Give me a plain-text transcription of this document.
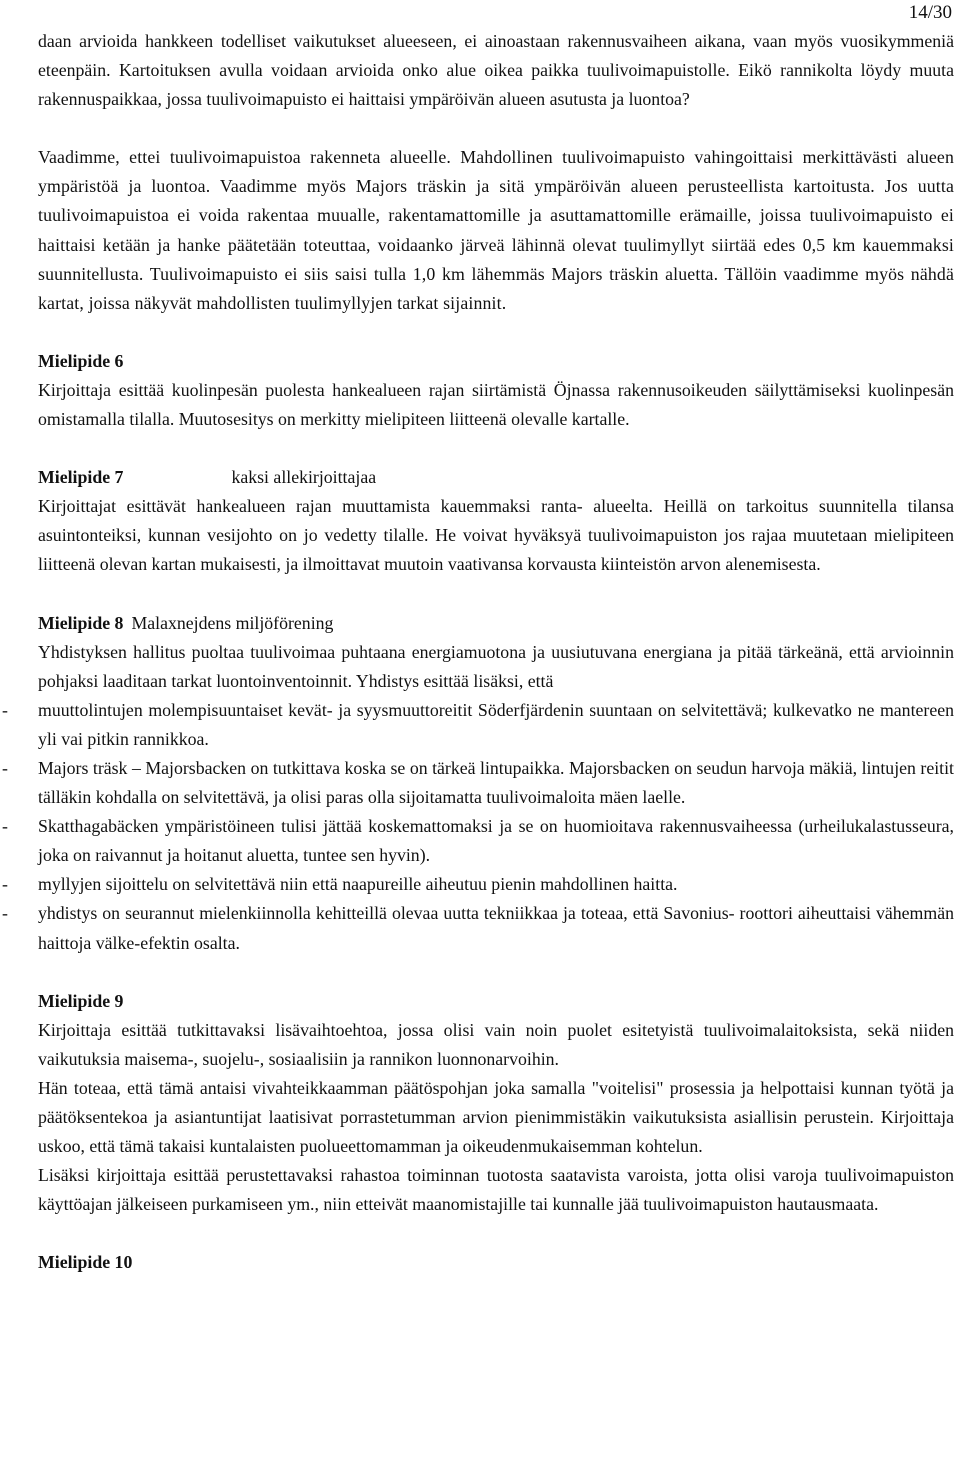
14/30

daan arvioida hankkeen todelliset vaikutukset alueeseen, ei ainoastaan rakennusvaiheen aikana, vaan myös vuosikymmeniä eteenpäin. Kartoituksen avulla voidaan arvioida onko alue oikea paikka tuulivoimapuistolle. Eikö rannikolta löydy muuta rakennuspaikkaa, jossa tuulivoimapuisto ei haittaisi ympäröivän alueen asutusta ja luontoa?

Vaadimme, ettei tuulivoimapuistoa rakenneta alueelle. Mahdollinen tuulivoimapuisto vahingoittaisi merkittävästi alueen ympäristöä ja luontoa. Vaadimme myös Majors träskin ja sitä ympäröivän alueen perusteellista kartoitusta. Jos uutta tuulivoimapuistoa ei voida rakentaa muualle, rakentamattomille ja asuttamattomille erämaille, joissa tuulivoimapuisto ei haittaisi ketään ja hanke päätetään toteuttaa, voidaanko järveä lähinnä olevat tuulimyllyt siirtää edes 0,5 km kauemmaksi suunnitellusta. Tuulivoimapuisto ei siis saisi tulla 1,0 km lähemmäs Majors träskin aluetta. Tällöin vaadimme myös nähdä kartat, joissa näkyvät mahdollisten tuulimyllyjen tarkat sijainnit.

Mielipide 6

Kirjoittaja esittää kuolinpesän puolesta hankealueen rajan siirtämistä Öjnassa rakennusoikeuden säilyttämiseksi kuolinpesän omistamalla tilalla. Muutosesitys on merkitty mielipiteen liitteenä olevalle kartalle.

Mielipide 7	kaksi allekirjoittajaa

Kirjoittajat esittävät hankealueen rajan muuttamista kauemmaksi ranta- alueelta. Heillä on tarkoitus suunnitella tilansa asuintonteiksi, kunnan vesijohto on jo vedetty tilalle. He voivat hyväksyä tuulivoimapuiston jos rajaa muutetaan mielipiteen liitteenä olevan kartan mukaisesti, ja ilmoittavat muutoin vaativansa korvausta kiinteistön arvon alenemisesta.

Mielipide 8 Malaxnejdens miljöförening

Yhdistyksen hallitus puoltaa tuulivoimaa puhtaana energiamuotona ja uusiutuvana energiana ja pitää tärkeänä, että arvioinnin pohjaksi laaditaan tarkat luontoinventoinnit. Yhdistys esittää lisäksi, että

- muuttolintujen molempisuuntaiset kevät- ja syysmuuttoreitit Söderfjärdenin suuntaan on selvitettävä; kulkevatko ne mantereen yli vai pitkin rannikkoa.
- Majors träsk – Majorsbacken on tutkittava koska se on tärkeä lintupaikka. Majorsbacken on seudun harvoja mäkiä, lintujen reitit tälläkin kohdalla on selvitettävä, ja olisi paras olla sijoitamatta tuulivoimaloita mäen laelle.
- Skatthagabäcken ympäristöineen tulisi jättää koskemattomaksi ja se on huomioitava rakennusvaiheessa (urheilukalastusseura, joka on raivannut ja hoitanut aluetta, tuntee sen hyvin).
- myllyjen sijoittelu on selvitettävä niin että naapureille aiheutuu pienin mahdollinen haitta.
- yhdistys on seurannut mielenkiinnolla kehitteillä olevaa uutta tekniikkaa ja toteaa, että Savonius- roottori aiheuttaisi vähemmän haittoja välke-efektin osalta.

Mielipide 9

Kirjoittaja esittää tutkittavaksi lisävaihtoehtoa, jossa olisi vain noin puolet esitetyistä tuulivoimalaitoksista, sekä niiden vaikutuksia maisema-, suojelu-, sosiaalisiin ja rannikon luonnonarvoihin.

Hän toteaa, että tämä antaisi vivahteikkaamman päätöspohjan joka samalla "voitelisi" prosessia ja helpottaisi kunnan työtä ja päätöksentekoa ja asiantuntijat laatisivat porrastetumman arvion pienimmistäkin vaikutuksista asiallisin perustein. Kirjoittaja uskoo, että tämä takaisi kuntalaisten puolueettomamman ja oikeudenmukaisemman kohtelun.

Lisäksi kirjoittaja esittää perustettavaksi rahastoa toiminnan tuotosta saatavista varoista, jotta olisi varoja tuulivoimapuiston käyttöajan jälkeiseen purkamiseen ym., niin etteivät maanomistajille tai kunnalle jää tuulivoimapuiston hautausmaata.

Mielipide 10
